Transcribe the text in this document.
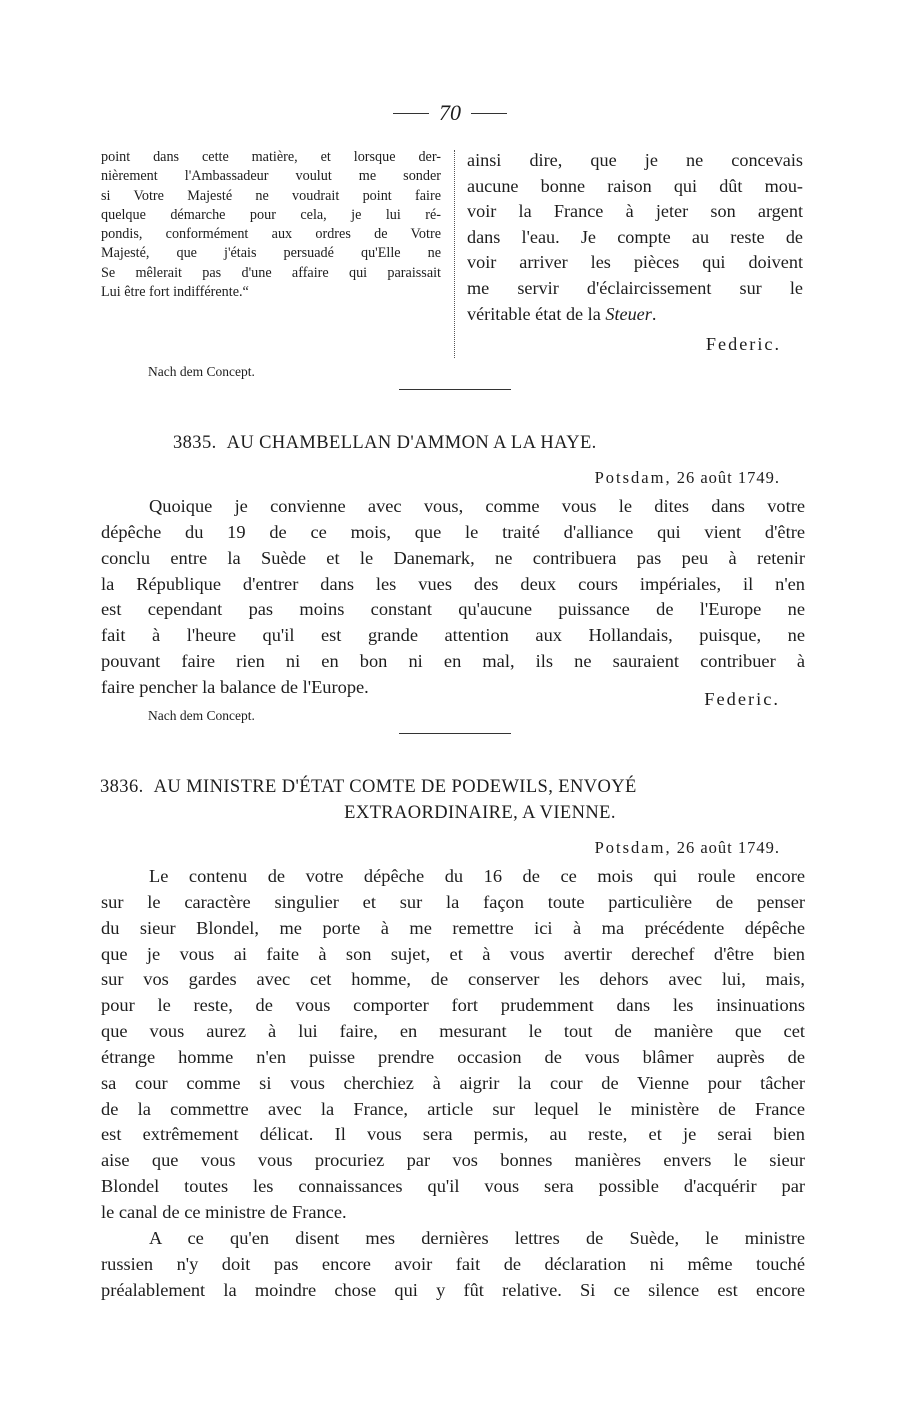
70
point dans cette matière, et lorsque der-
nièrement l'Ambassadeur voulut me sonder
si Votre Majesté ne voudrait point faire
quelque démarche pour cela, je lui ré-
pondis, conformément aux ordres de Votre
Majesté, que j'étais persuadé qu'Elle ne
Se mêlerait pas d'une affaire qui paraissait
Lui être fort indifférente.“
ainsi dire, que je ne concevais
aucune bonne raison qui dût mou-
voir la France à jeter son argent
dans l'eau. Je compte au reste de
voir arriver les pièces qui doivent
me servir d'éclaircissement sur le
véritable état de la Steuer.
Federic.
Nach dem Concept.
3835. AU CHAMBELLAN D'AMMON A LA HAYE.
Potsdam, 26 août 1749.
Quoique je convienne avec vous, comme vous le dites dans votre
dépêche du 19 de ce mois, que le traité d'alliance qui vient d'être
conclu entre la Suède et le Danemark, ne contribuera pas peu à retenir
la République d'entrer dans les vues des deux cours impériales, il n'en
est cependant pas moins constant qu'aucune puissance de l'Europe ne
fait à l'heure qu'il est grande attention aux Hollandais, puisque, ne
pouvant faire rien ni en bon ni en mal, ils ne sauraient contribuer à
faire pencher la balance de l'Europe.
Federic.
Nach dem Concept.
3836. AU MINISTRE D'ÉTAT COMTE DE PODEWILS, ENVOYÉ
EXTRAORDINAIRE, A VIENNE.
Potsdam, 26 août 1749.
Le contenu de votre dépêche du 16 de ce mois qui roule encore
sur le caractère singulier et sur la façon toute particulière de penser
du sieur Blondel, me porte à me remettre ici à ma précédente dépêche
que je vous ai faite à son sujet, et à vous avertir derechef d'être bien
sur vos gardes avec cet homme, de conserver les dehors avec lui, mais,
pour le reste, de vous comporter fort prudemment dans les insinuations
que vous aurez à lui faire, en mesurant le tout de manière que cet
étrange homme n'en puisse prendre occasion de vous blâmer auprès de
sa cour comme si vous cherchiez à aigrir la cour de Vienne pour tâcher
de la commettre avec la France, article sur lequel le ministère de France
est extrêmement délicat. Il vous sera permis, au reste, et je serai bien
aise que vous vous procuriez par vos bonnes manières envers le sieur
Blondel toutes les connaissances qu'il vous sera possible d'acquérir par
le canal de ce ministre de France.
A ce qu'en disent mes dernières lettres de Suède, le ministre
russien n'y doit pas encore avoir fait de déclaration ni même touché
préalablement la moindre chose qui y fût relative. Si ce silence est encore
